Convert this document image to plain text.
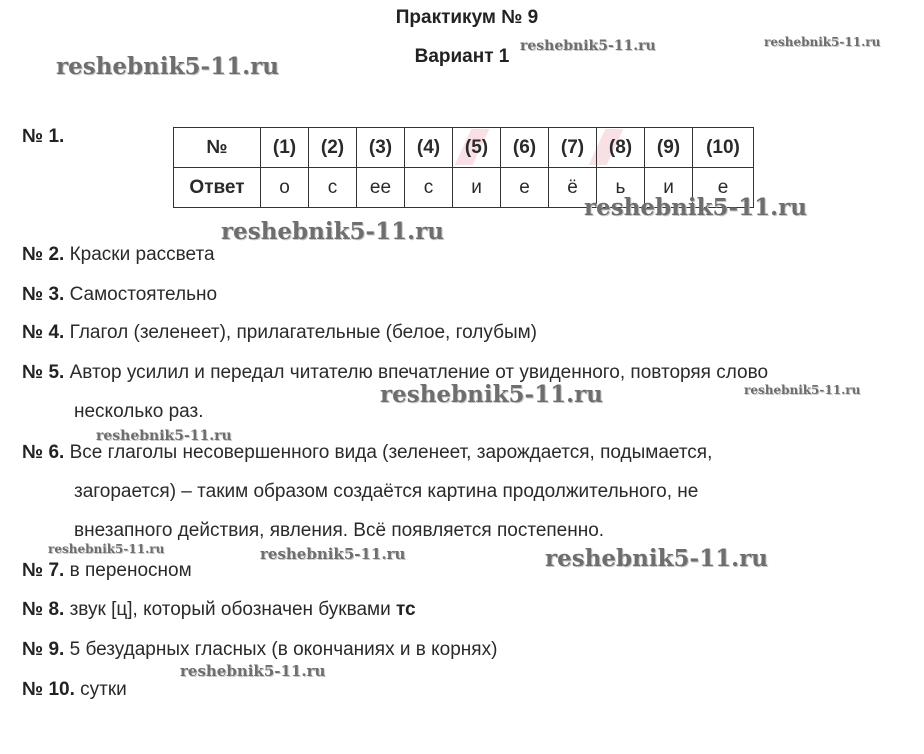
Практикум № 9
Вариант 1
№ 1.	№	(1)	(2)	(3)	(4)	(5)	(6)	(7)	(8)	(9)	(10)
Ответ	о	с	ее	с	и	е	ё	ь	и	е
№ 2. Краски рассвета
№ 3. Самостоятельно
№ 4. Глагол (зеленеет), прилагательные (белое, голубым)
№ 5. Автор усилил и передал читателю впечатление от увиденного, повторяя слово
несколько раз.
№ 6. Все глаголы несовершенного вида (зеленеет, зарождается, подымается,
загорается) – таким образом создаётся картина продолжительного, не
внезапного действия, явления. Всё появляется постепенно.
№ 7. в переносном
№ 8. звук [ц], который обозначен буквами тс
№ 9. 5 безударных гласных (в окончаниях и в корнях)
№ 10. сутки
reshebnik5-11.ru
reshebnik5-11.ru	reshebnik5-11.ru
reshebnik5-11.ru
reshebnik5-11.ru
reshebnik5-11.ru	reshebnik5-11.ru
reshebnik5-11.ru
reshebnik5-11.ru	reshebnik5-11.ru	reshebnik5-11.ru
reshebnik5-11.ru
